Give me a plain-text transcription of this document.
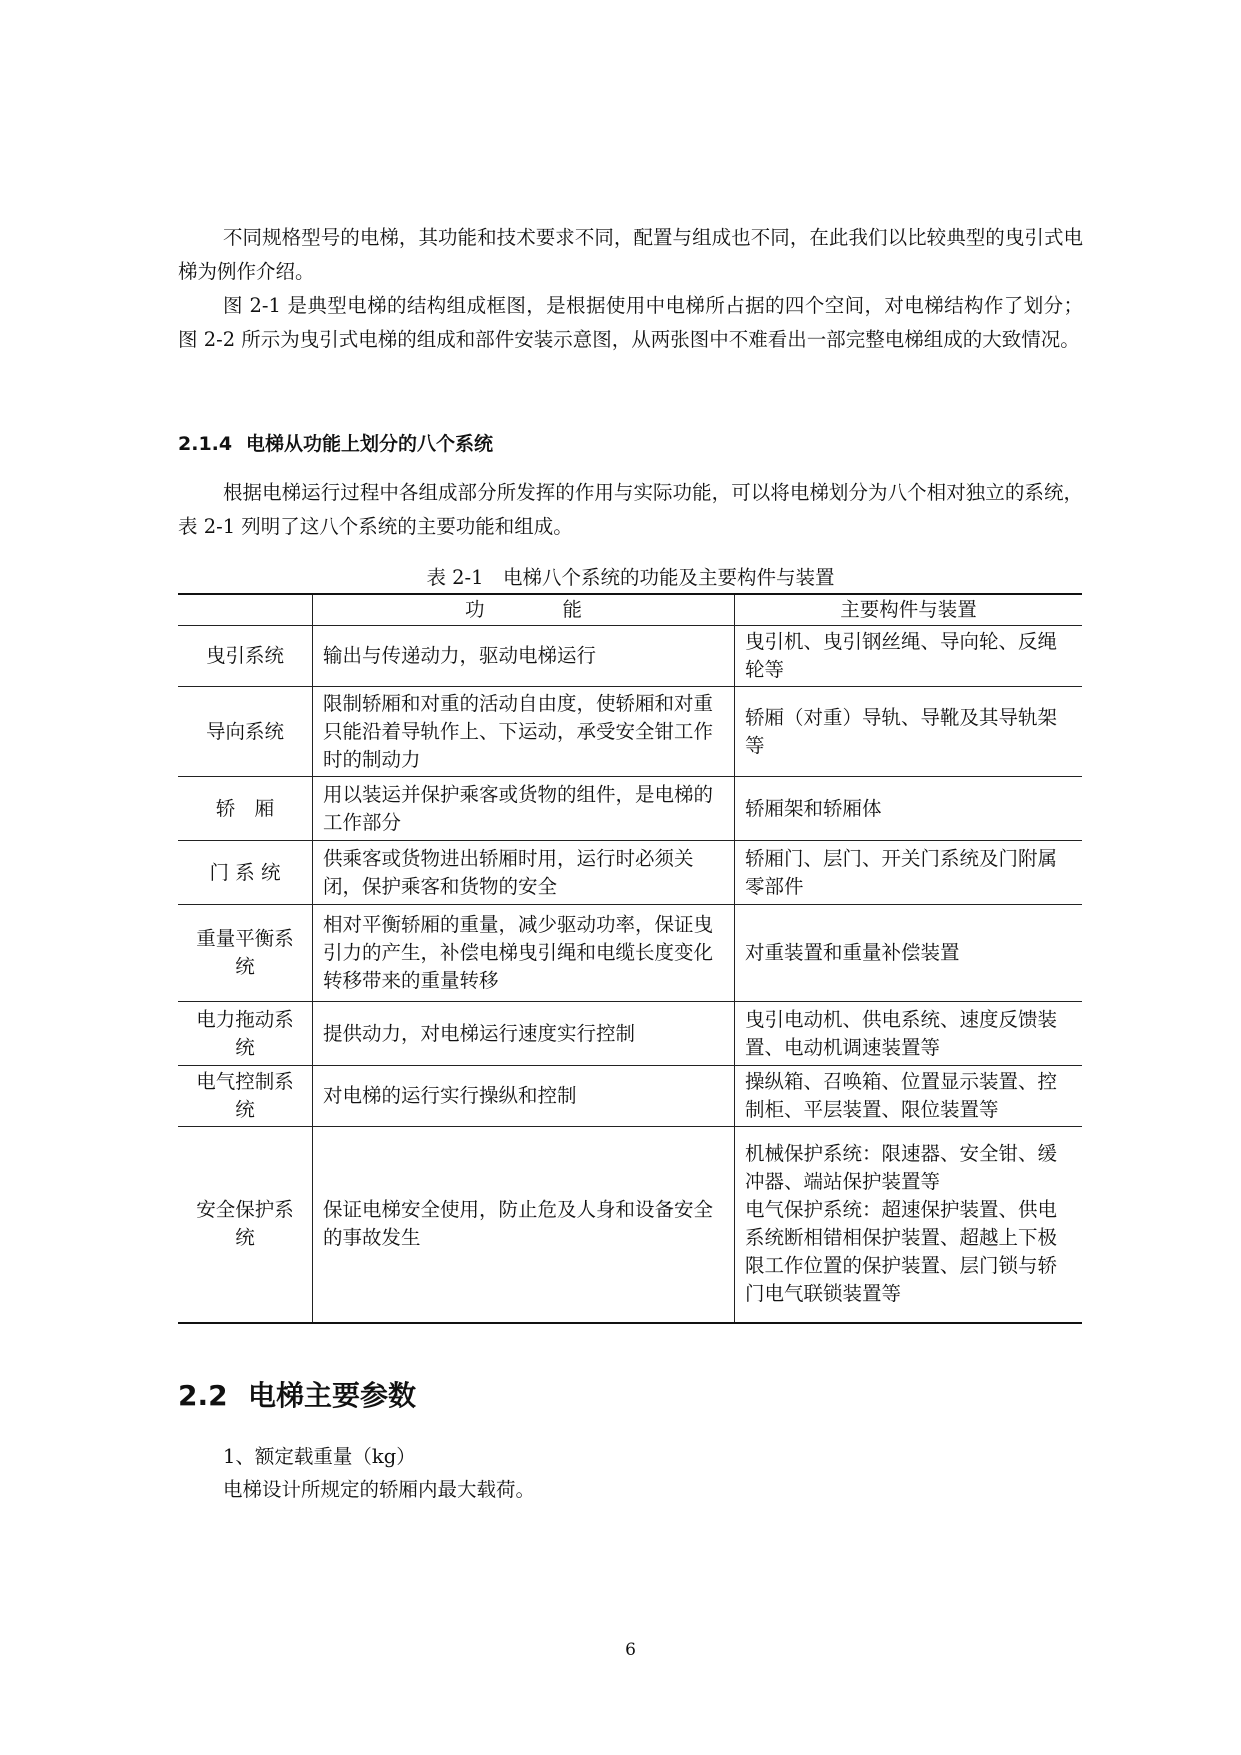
不同规格型号的电梯，其功能和技术要求不同，配置与组成也不同，在此我们以比较典型的曳引式电梯为例作介绍。

图 2-1 是典型电梯的结构组成框图，是根据使用中电梯所占据的四个空间，对电梯结构作了划分；图 2-2 所示为曳引式电梯的组成和部件安装示意图，从两张图中不难看出一部完整电梯组成的大致情况。

2.1.4 电梯从功能上划分的八个系统

根据电梯运行过程中各组成部分所发挥的作用与实际功能，可以将电梯划分为八个相对独立的系统，表 2-1 列明了这八个系统的主要功能和组成。

表 2-1　电梯八个系统的功能及主要构件与装置
	功　　　　能	主要构件与装置
曳引系统	输出与传递动力，驱动电梯运行	曳引机、曳引钢丝绳、导向轮、反绳轮等
导向系统	限制轿厢和对重的活动自由度，使轿厢和对重只能沿着导轨作上、下运动，承受安全钳工作时的制动力	轿厢（对重）导轨、导靴及其导轨架等
轿　厢	用以装运并保护乘客或货物的组件，是电梯的工作部分	轿厢架和轿厢体
门 系 统	供乘客或货物进出轿厢时用，运行时必须关闭，保护乘客和货物的安全	轿厢门、层门、开关门系统及门附属零部件
重量平衡系统	相对平衡轿厢的重量，减少驱动功率，保证曳引力的产生，补偿电梯曳引绳和电缆长度变化转移带来的重量转移	对重装置和重量补偿装置
电力拖动系统	提供动力，对电梯运行速度实行控制	曳引电动机、供电系统、速度反馈装置、电动机调速装置等
电气控制系统	对电梯的运行实行操纵和控制	操纵箱、召唤箱、位置显示装置、控制柜、平层装置、限位装置等
安全保护系统	保证电梯安全使用，防止危及人身和设备安全的事故发生	机械保护系统：限速器、安全钳、缓冲器、端站保护装置等
电气保护系统：超速保护装置、供电系统断相错相保护装置、超越上下极限工作位置的保护装置、层门锁与轿门电气联锁装置等
2.2 电梯主要参数
1、额定载重量（kg）
电梯设计所规定的轿厢内最大载荷。
6
